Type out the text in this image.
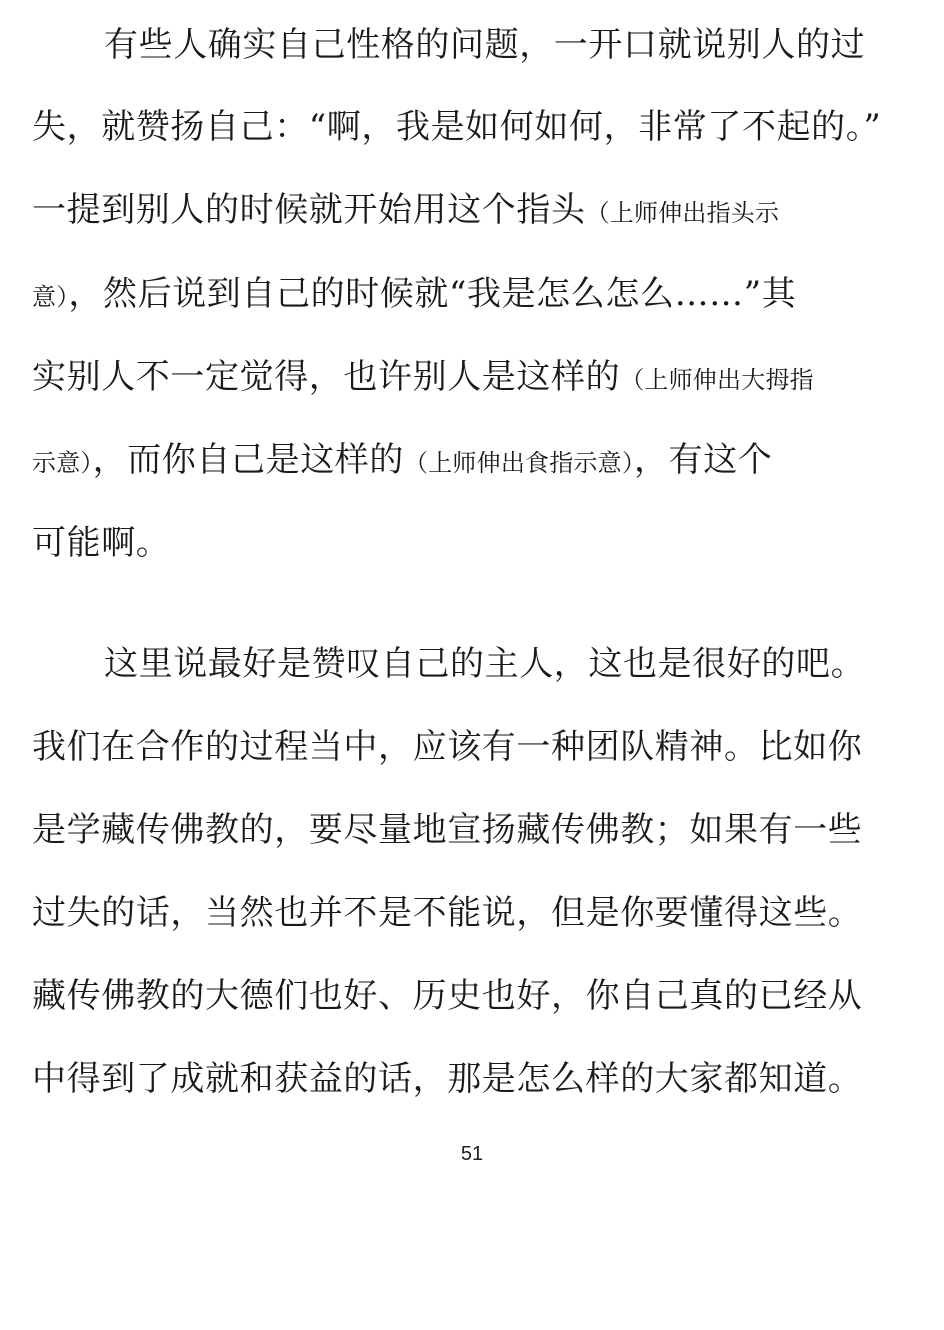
有些人确实自己性格的问题，一开口就说别人的过
失，就赞扬自己：“啊，我是如何如何，非常了不起的。”
一提到别人的时候就开始用这个指头（上师伸出指头示
意），然后说到自己的时候就“我是怎么怎么……”其
实别人不一定觉得，也许别人是这样的（上师伸出大拇指
示意），而你自己是这样的（上师伸出食指示意），有这个
可能啊。
这里说最好是赞叹自己的主人，这也是很好的吧。
我们在合作的过程当中，应该有一种团队精神。比如你
是学藏传佛教的，要尽量地宣扬藏传佛教；如果有一些
过失的话，当然也并不是不能说，但是你要懂得这些。
藏传佛教的大德们也好、历史也好，你自己真的已经从
中得到了成就和获益的话，那是怎么样的大家都知道。
51
